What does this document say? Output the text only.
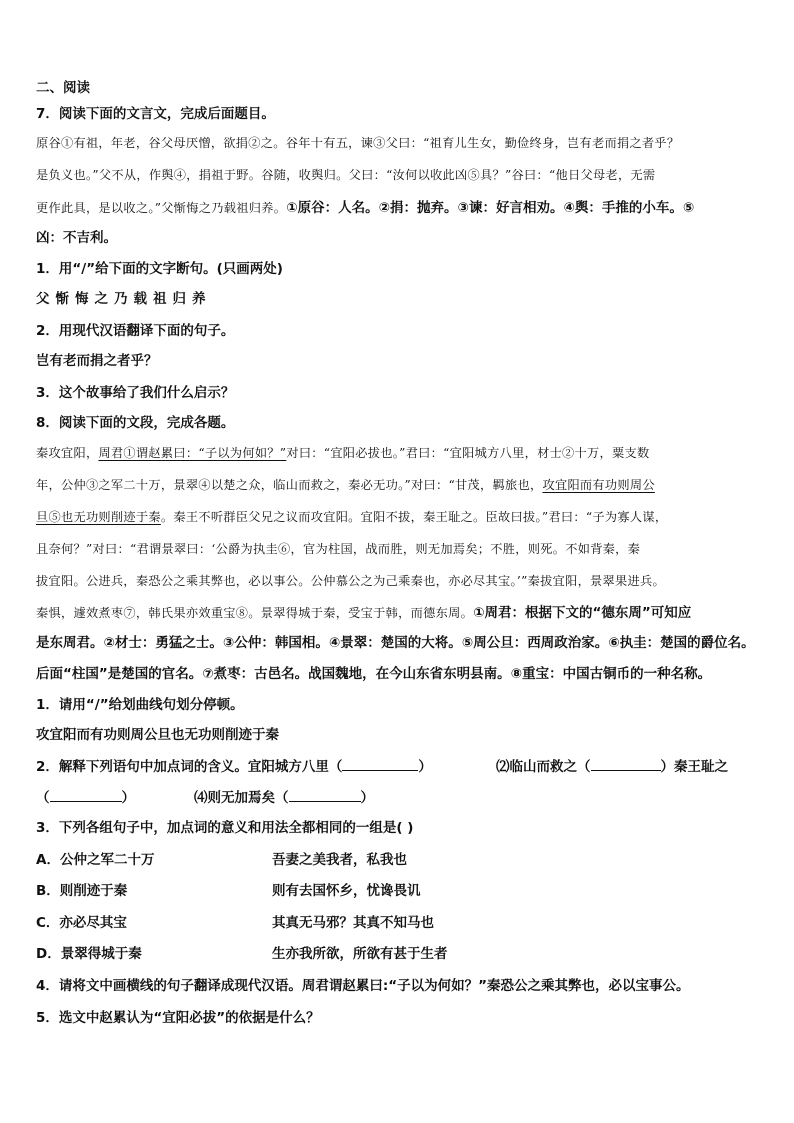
二、阅读
7．阅读下面的文言文，完成后面题目。
原谷①有祖，年老，谷父母厌憎，欲捐②之。谷年十有五，谏③父曰：“祖育儿生女，勤俭终身，岂有老而捐之者乎？
是负义也。”父不从，作舆④，捐祖于野。谷随，收舆归。父曰：“汝何以收此凶⑤具？”谷曰：“他日父母老，无需
更作此具，是以收之。”父惭悔之乃载祖归养。①原谷：人名。②捐：抛弃。③谏：好言相劝。④舆：手推的小车。⑤
凶：不吉利。
1．用“/”给下面的文字断句。(只画两处)
父惭悔之乃载祖归养
2．用现代汉语翻译下面的句子。
岂有老而捐之者乎？
3．这个故事给了我们什么启示？
8．阅读下面的文段，完成各题。
秦攻宜阳，周君①谓赵累曰：“子以为何如？”对曰：“宜阳必拔也。”君曰：“宜阳城方八里，材士②十万，粟支数
年，公仲③之军二十万，景翠④以楚之众，临山而救之，秦必无功。”对曰：“甘茂，羁旅也，攻宜阳而有功则周公
旦⑤也无功则削迹于秦。秦王不听群臣父兄之议而攻宜阳。宜阳不拔，秦王耻之。臣故曰拔。”君曰：“子为寡人谋，
且奈何？”对曰：“君谓景翠曰：‘公爵为执圭⑥，官为柱国，战而胜，则无加焉矣；不胜，则死。不如背秦，秦
拔宜阳。公进兵，秦恐公之乘其弊也，必以事公。公仲慕公之为己乘秦也，亦必尽其宝。’”秦拔宜阳，景翠果进兵。
秦惧，遽效煮枣⑦，韩氏果亦效重宝⑧。景翠得城于秦，受宝于韩，而德东周。①周君：根据下文的“德东周”可知应
是东周君。②材士：勇猛之士。③公仲：韩国相。④景翠：楚国的大将。⑤周公旦：西周政治家。⑥执圭：楚国的爵位名。
后面“柱国”是楚国的官名。⑦煮枣：古邑名。战国魏地，在今山东省东明县南。⑧重宝：中国古铜币的一种名称。
1．请用“/”给划曲线句划分停顿。
攻宜阳而有功则周公旦也无功则削迹于秦
2．解释下列语句中加点词的含义。宜阳城方八里（	）	⑵临山而救之（	）秦王耻之
（	）	⑷则无加焉矣（	）
3．下列各组句子中，加点词的意义和用法全都相同的一组是( )
A．公仲之军二十万	吾妻之美我者，私我也
B．则削迹于秦	则有去国怀乡，忧谗畏讥
C．亦必尽其宝	其真无马邪？其真不知马也
D．景翠得城于秦	生亦我所欲，所欲有甚于生者
4．请将文中画横线的句子翻译成现代汉语。周君谓赵累曰:“子以为何如？”秦恐公之乘其弊也，必以宝事公。
5．选文中赵累认为“宜阳必拔”的依据是什么？
